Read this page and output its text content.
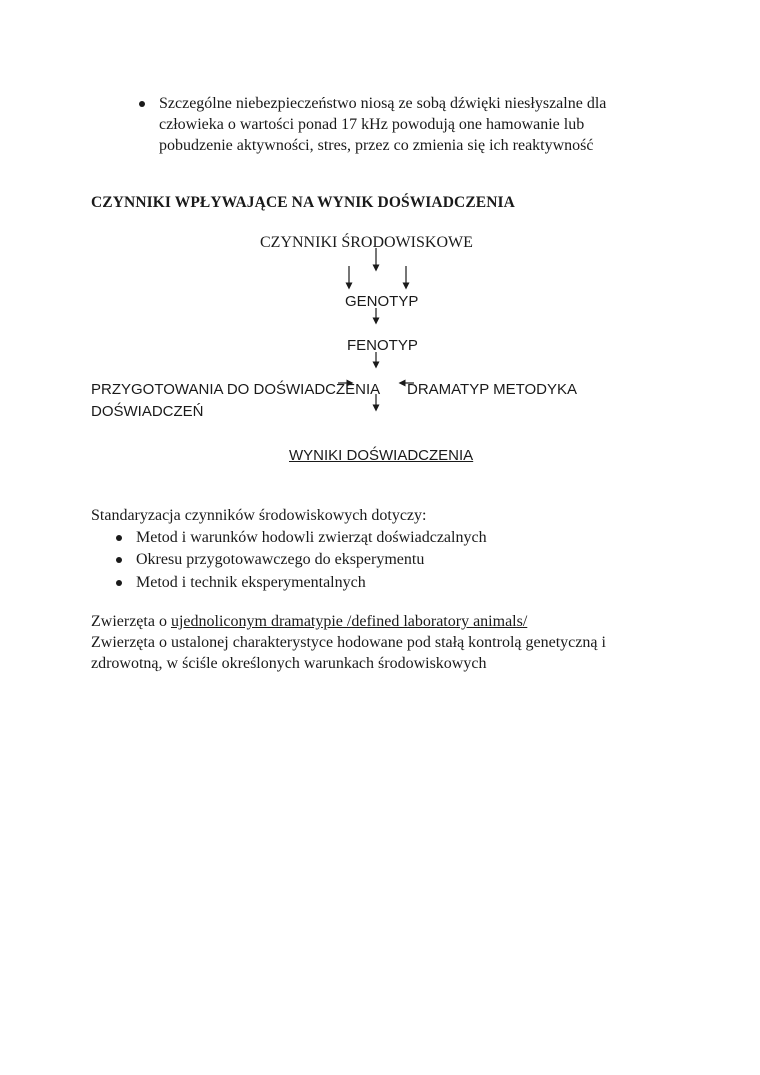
Szczególne niebezpieczeństwo niosą ze sobą dźwięki niesłyszalne dla
człowieka o wartości ponad 17 kHz powodują one hamowanie lub
pobudzenie aktywności, stres, przez co zmienia się ich reaktywność
CZYNNIKI WPŁYWAJĄCE NA WYNIK DOŚWIADCZENIA
CZYNNIKI ŚRODOWISKOWE
GENOTYP
FENOTYP
PRZYGOTOWANIA DO DOŚWIADCZENIA DRAMATYP METODYKA
DOŚWIADCZEŃ
WYNIKI DOŚWIADCZENIA
Standaryzacja czynników środowiskowych dotyczy:
Metod i warunków hodowli zwierząt doświadczalnych
Okresu przygotowawczego do eksperymentu
Metod i technik eksperymentalnych
Zwierzęta o ujednoliconym dramatypie /defined laboratory animals/
Zwierzęta o ustalonej charakterystyce hodowane pod stałą kontrolą genetyczną i
zdrowotną, w ściśle określonych warunkach środowiskowych
